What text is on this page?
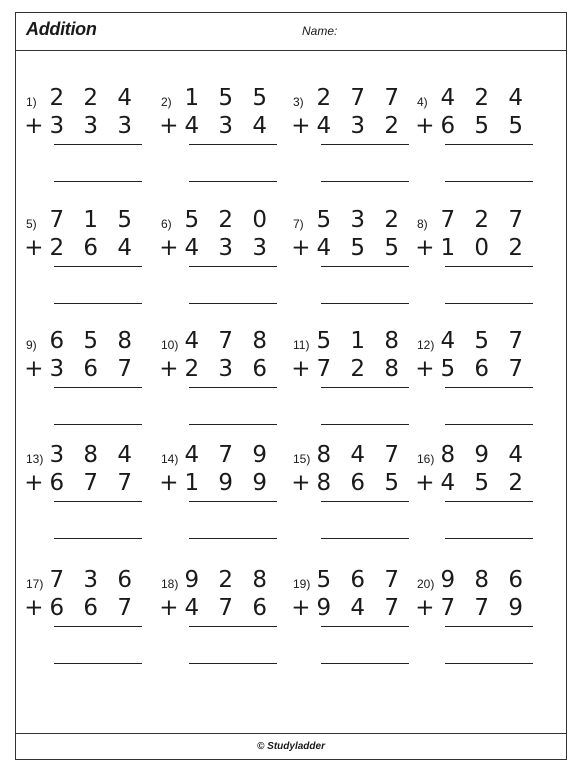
Addition	Name:
1) 2 2 4
+3 3 3
2) 1 5 5
+4 3 4
3) 2 7 7
+4 3 2
4) 4 2 4
+6 5 5
5) 7 1 5
+2 6 4
6) 5 2 0
+4 3 3
7) 5 3 2
+4 5 5
8) 7 2 7
+1 0 2
9) 6 5 8
+3 6 7
10) 4 7 8
+2 3 6
11) 5 1 8
+7 2 8
12) 4 5 7
+5 6 7
13) 3 8 4
+6 7 7
14) 4 7 9
+1 9 9
15) 8 4 7
+8 6 5
16) 8 9 4
+4 5 2
17) 7 3 6
+6 6 7
18) 9 2 8
+4 7 6
19) 5 6 7
+9 4 7
20) 9 8 6
+7 7 9
© Studyladder
